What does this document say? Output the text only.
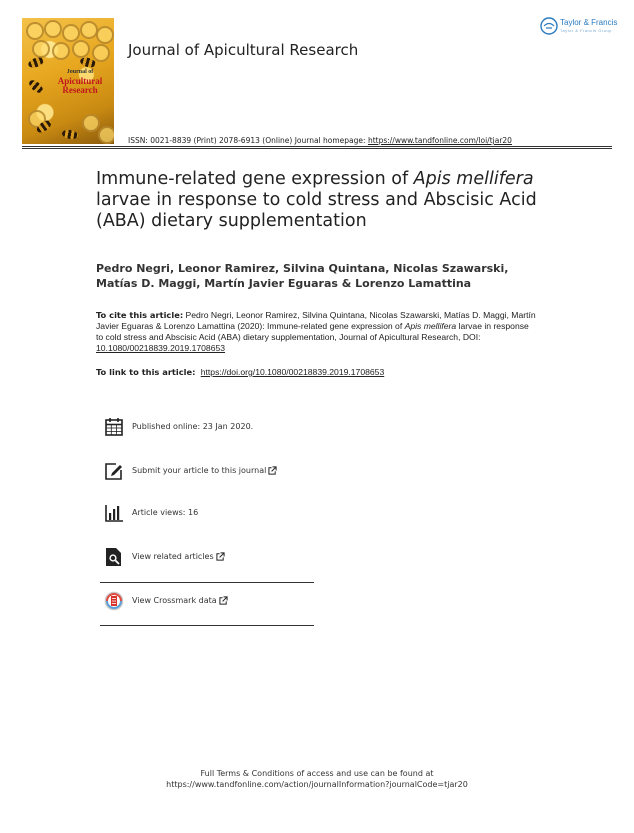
Journal of
Apicultural
Research
Journal of Apicultural Research
Taylor & Francis
Taylor & Francis Group
ISSN: 0021-8839 (Print) 2078-6913 (Online) Journal homepage: https://www.tandfonline.com/loi/tjar20
Immune-related gene expression of Apis mellifera larvae in response to cold stress and Abscisic Acid (ABA) dietary supplementation
Pedro Negri, Leonor Ramirez, Silvina Quintana, Nicolas Szawarski, Matías D. Maggi, Martín Javier Eguaras & Lorenzo Lamattina
To cite this article: Pedro Negri, Leonor Ramirez, Silvina Quintana, Nicolas Szawarski, Matías D. Maggi, Martín Javier Eguaras & Lorenzo Lamattina (2020): Immune-related gene expression of Apis mellifera larvae in response to cold stress and Abscisic Acid (ABA) dietary supplementation, Journal of Apicultural Research, DOI: 10.1080/00218839.2019.1708653
To link to this article:  https://doi.org/10.1080/00218839.2019.1708653
Published online: 23 Jan 2020.
Submit your article to this journal
Article views: 16
View related articles
View Crossmark data
Full Terms & Conditions of access and use can be found at
https://www.tandfonline.com/action/journalInformation?journalCode=tjar20
